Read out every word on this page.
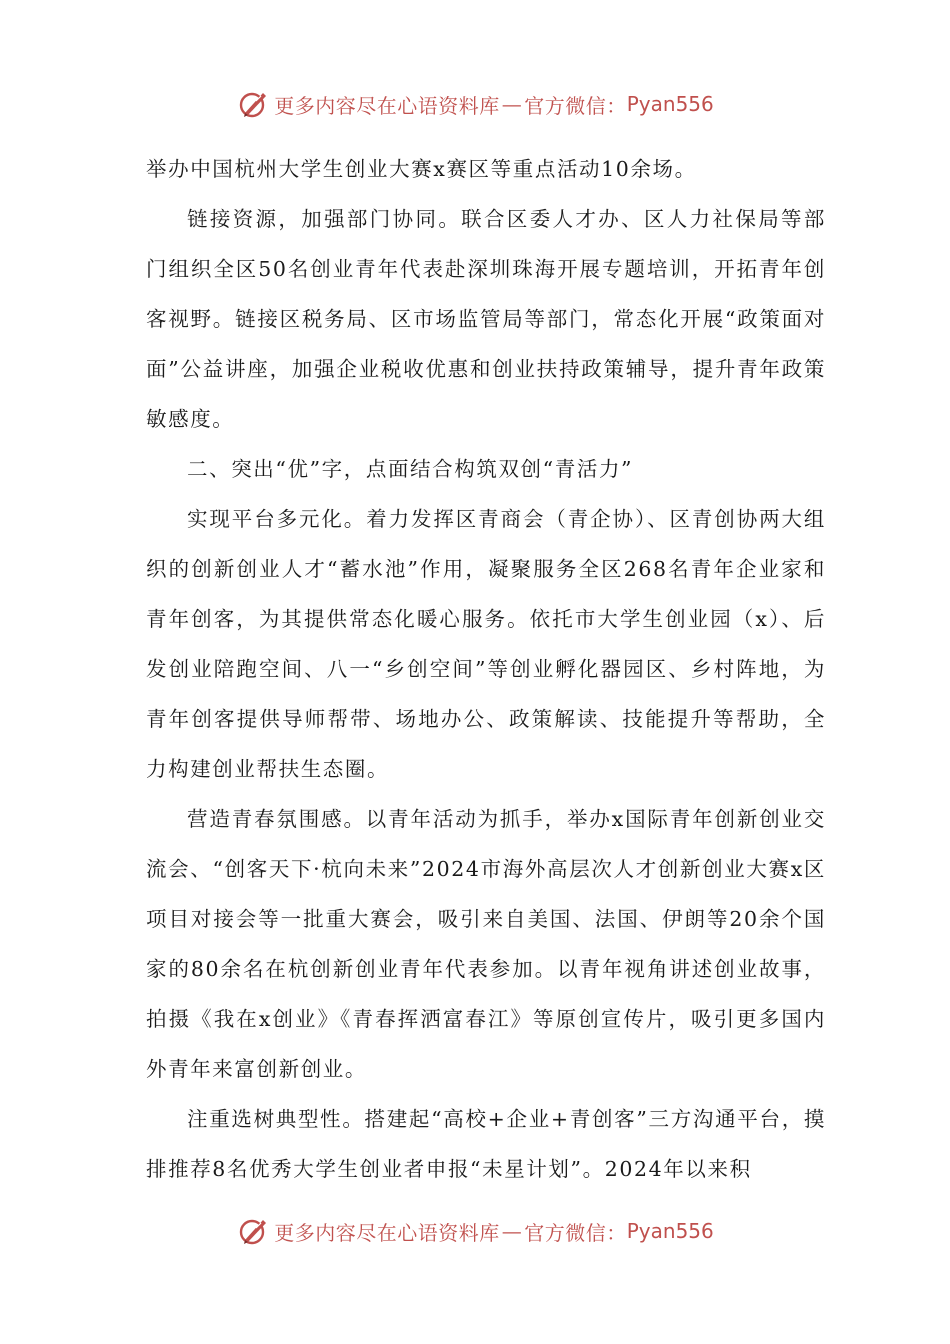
更多内容尽在心语资料库 — 官方微信： Pyan556

举办中国杭州大学生创业大赛x赛区等重点活动10余场。

链接资源，加强部门协同。联合区委人才办、区人力社保局等部门组织全区50名创业青年代表赴深圳珠海开展专题培训，开拓青年创客视野。链接区税务局、区市场监管局等部门，常态化开展“政策面对面”公益讲座，加强企业税收优惠和创业扶持政策辅导，提升青年政策敏感度。

二、突出“优”字，点面结合构筑双创“青活力”

实现平台多元化。着力发挥区青商会（青企协）、区青创协两大组织的创新创业人才“蓄水池”作用，凝聚服务全区268名青年企业家和青年创客，为其提供常态化暖心服务。依托市大学生创业园（x）、后发创业陪跑空间、八一“乡创空间”等创业孵化器园区、乡村阵地，为青年创客提供导师帮带、场地办公、政策解读、技能提升等帮助，全力构建创业帮扶生态圈。

营造青春氛围感。以青年活动为抓手，举办x国际青年创新创业交流会、“创客天下·杭向未来”2024市海外高层次人才创新创业大赛x区项目对接会等一批重大赛会，吸引来自美国、法国、伊朗等20余个国家的80余名在杭创新创业青年代表参加。以青年视角讲述创业故事，拍摄《我在x创业》《青春挥洒富春江》等原创宣传片，吸引更多国内外青年来富创新创业。

注重选树典型性。搭建起“高校+企业+青创客”三方沟通平台，摸排推荐8名优秀大学生创业者申报“未星计划”。2024年以来积

更多内容尽在心语资料库 — 官方微信： Pyan556
